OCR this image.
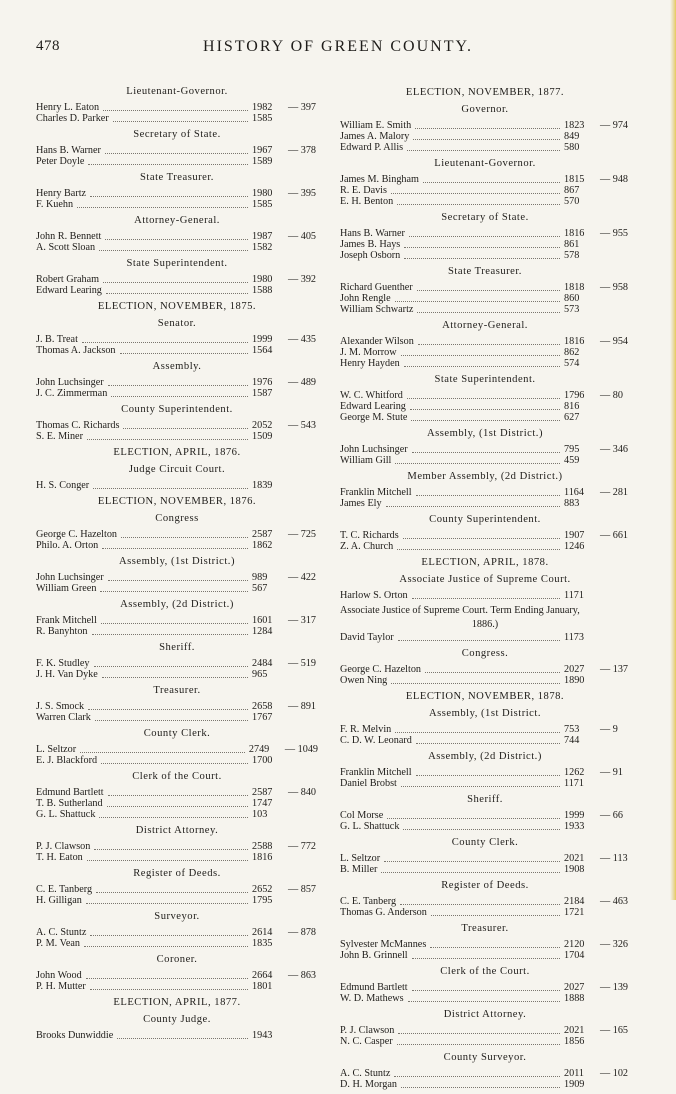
478	HISTORY OF GREEN COUNTY.
Lieutenant-Governor.
Henry L. Eaton	1982	— 397
Charles D. Parker	1585
Secretary of State.
Hans B. Warner	1967	— 378
Peter Doyle	1589
State Treasurer.
Henry Bartz	1980	— 395
F. Kuehn	1585
Attorney-General.
John R. Bennett	1987	— 405
A. Scott Sloan	1582
State Superintendent.
Robert Graham	1980	— 392
Edward Learing	1588
ELECTION, NOVEMBER, 1875.
Senator.
J. B. Treat	1999	— 435
Thomas A. Jackson	1564
Assembly.
John Luchsinger	1976	— 489
J. C. Zimmerman	1587
County Superintendent.
Thomas C. Richards	2052	— 543
S. E. Miner	1509
ELECTION, APRIL, 1876.
Judge Circuit Court.
H. S. Conger	1839
ELECTION, NOVEMBER, 1876.
Congress
George C. Hazelton	2587	— 725
Philo. A. Orton	1862
Assembly, (1st District.)
John Luchsinger	989	— 422
William Green	567
Assembly, (2d District.)
Frank Mitchell	1601	— 317
R. Banyhton	1284
Sheriff.
F. K. Studley	2484	— 519
J. H. Van Dyke	965
Treasurer.
J. S. Smock	2658	— 891
Warren Clark	1767
County Clerk.
L. Seltzor	2749	— 1049
E. J. Blackford	1700
Clerk of the Court.
Edmund Bartlett	2587	— 840
T. B. Sutherland	1747
G. L. Shattuck	103
District Attorney.
P. J. Clawson	2588	— 772
T. H. Eaton	1816
Register of Deeds.
C. E. Tanberg	2652	— 857
H. Gilligan	1795
Surveyor.
A. C. Stuntz	2614	— 878
P. M. Vean	1835
Coroner.
John Wood	2664	— 863
P. H. Mutter	1801
ELECTION, APRIL, 1877.
County Judge.
Brooks Dunwiddie	1943
ELECTION, NOVEMBER, 1877.
Governor.
William E. Smith	1823	— 974
James A. Malory	849
Edward P. Allis	580
Lieutenant-Governor.
James M. Bingham	1815	— 948
R. E. Davis	867
E. H. Benton	570
Secretary of State.
Hans B. Warner	1816	— 955
James B. Hays	861
Joseph Osborn	578
State Treasurer.
Richard Guenther	1818	— 958
John Rengle	860
William Schwartz	573
Attorney-General.
Alexander Wilson	1816	— 954
J. M. Morrow	862
Henry Hayden	574
State Superintendent.
W. C. Whitford	1796	— 80
Edward Learing	816
George M. Stute	627
Assembly, (1st District.)
John Luchsinger	795	— 346
William Gill	459
Member Assembly, (2d District.)
Franklin Mitchell	1164	— 281
James Ely	883
County Superintendent.
T. C. Richards	1907	— 661
Z. A. Church	1246
ELECTION, APRIL, 1878.
Associate Justice of Supreme Court.
Harlow S. Orton	1171
Associate Justice of Supreme Court. Term Ending January,
1886.)
David Taylor	1173
Congress.
George C. Hazelton	2027	— 137
Owen Ning	1890
ELECTION, NOVEMBER, 1878.
Assembly, (1st District.
F. R. Melvin	753	— 9
C. D. W. Leonard	744
Assembly, (2d District.)
Franklin Mitchell	1262	— 91
Daniel Brobst	1171
Sheriff.
Col Morse	1999	— 66
G. L. Shattuck	1933
County Clerk.
L. Seltzor	2021	— 113
B. Miller	1908
Register of Deeds.
C. E. Tanberg	2184	— 463
Thomas G. Anderson	1721
Treasurer.
Sylvester McMannes	2120	— 326
John B. Grinnell	1704
Clerk of the Court.
Edmund Bartlett	2027	— 139
W. D. Mathews	1888
District Attorney.
P. J. Clawson	2021	— 165
N. C. Casper	1856
County Surveyor.
A. C. Stuntz	2011	— 102
D. H. Morgan	1909
